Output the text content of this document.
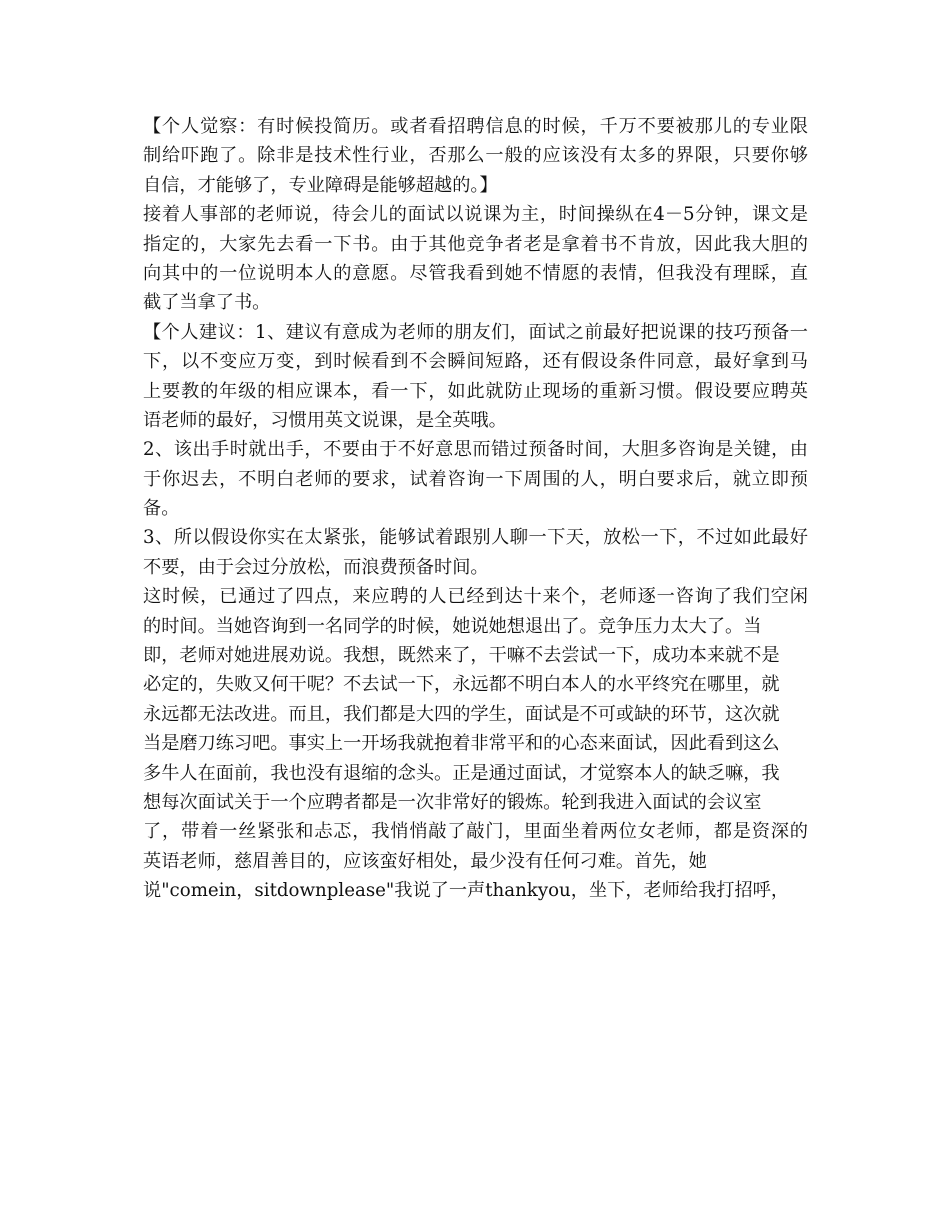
【个人觉察：有时候投简历。或者看招聘信息的时候，千万不要被那儿的专业限
制给吓跑了。除非是技术性行业，否那么一般的应该没有太多的界限，只要你够
自信，才能够了，专业障碍是能够超越的。】
接着人事部的老师说，待会儿的面试以说课为主，时间操纵在4－5分钟，课文是
指定的，大家先去看一下书。由于其他竞争者老是拿着书不肯放，因此我大胆的
向其中的一位说明本人的意愿。尽管我看到她不情愿的表情，但我没有理睬，直
截了当拿了书。
【个人建议：1、建议有意成为老师的朋友们，面试之前最好把说课的技巧预备一
下，以不变应万变，到时候看到不会瞬间短路，还有假设条件同意，最好拿到马
上要教的年级的相应课本，看一下，如此就防止现场的重新习惯。假设要应聘英
语老师的最好，习惯用英文说课，是全英哦。
2、该出手时就出手，不要由于不好意思而错过预备时间，大胆多咨询是关键，由
于你迟去，不明白老师的要求，试着咨询一下周围的人，明白要求后，就立即预
备。
3、所以假设你实在太紧张，能够试着跟别人聊一下天，放松一下，不过如此最好
不要，由于会过分放松，而浪费预备时间。
这时候，已通过了四点，来应聘的人已经到达十来个，老师逐一咨询了我们空闲
的时间。当她咨询到一名同学的时候，她说她想退出了。竞争压力太大了。当
即，老师对她进展劝说。我想，既然来了，干嘛不去尝试一下，成功本来就不是
必定的，失败又何干呢？不去试一下，永远都不明白本人的水平终究在哪里，就
永远都无法改进。而且，我们都是大四的学生，面试是不可或缺的环节，这次就
当是磨刀练习吧。事实上一开场我就抱着非常平和的心态来面试，因此看到这么
多牛人在面前，我也没有退缩的念头。正是通过面试，才觉察本人的缺乏嘛，我
想每次面试关于一个应聘者都是一次非常好的锻炼。轮到我进入面试的会议室
了，带着一丝紧张和忐忑，我悄悄敲了敲门，里面坐着两位女老师，都是资深的
英语老师，慈眉善目的，应该蛮好相处，最少没有任何刁难。首先，她
说"comein，sitdownplease"我说了一声thankyou，坐下，老师给我打招呼，
